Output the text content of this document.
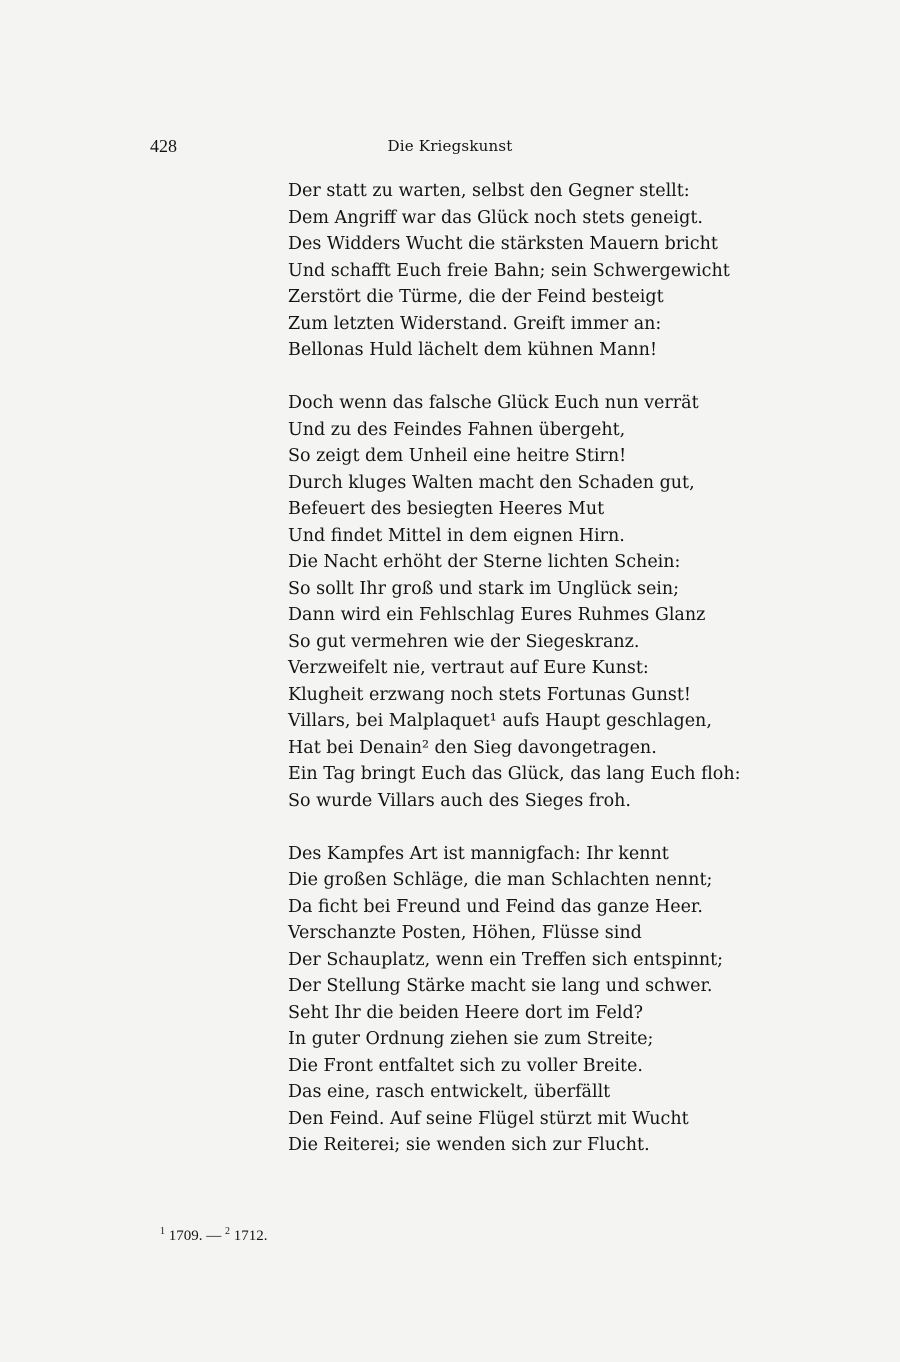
428	Die Kriegskunst
Der statt zu warten, selbst den Gegner stellt:
Dem Angriff war das Glück noch stets geneigt.
Des Widders Wucht die stärksten Mauern bricht
Und schafft Euch freie Bahn; sein Schwergewicht
Zerstört die Türme, die der Feind besteigt
Zum letzten Widerstand. Greift immer an:
Bellonas Huld lächelt dem kühnen Mann!
Doch wenn das falsche Glück Euch nun verrät
Und zu des Feindes Fahnen übergeht,
So zeigt dem Unheil eine heitre Stirn!
Durch kluges Walten macht den Schaden gut,
Befeuert des besiegten Heeres Mut
Und findet Mittel in dem eignen Hirn.
Die Nacht erhöht der Sterne lichten Schein:
So sollt Ihr groß und stark im Unglück sein;
Dann wird ein Fehlschlag Eures Ruhmes Glanz
So gut vermehren wie der Siegeskranz.
Verzweifelt nie, vertraut auf Eure Kunst:
Klugheit erzwang noch stets Fortunas Gunst!
Villars, bei Malplaquet¹ aufs Haupt geschlagen,
Hat bei Denain² den Sieg davongetragen.
Ein Tag bringt Euch das Glück, das lang Euch floh:
So wurde Villars auch des Sieges froh.
Des Kampfes Art ist mannigfach: Ihr kennt
Die großen Schläge, die man Schlachten nennt;
Da ficht bei Freund und Feind das ganze Heer.
Verschanzte Posten, Höhen, Flüsse sind
Der Schauplatz, wenn ein Treffen sich entspinnt;
Der Stellung Stärke macht sie lang und schwer.
Seht Ihr die beiden Heere dort im Feld?
In guter Ordnung ziehen sie zum Streite;
Die Front entfaltet sich zu voller Breite.
Das eine, rasch entwickelt, überfällt
Den Feind. Auf seine Flügel stürzt mit Wucht
Die Reiterei; sie wenden sich zur Flucht.
$^1$ 1709. — $^2$ 1712.
